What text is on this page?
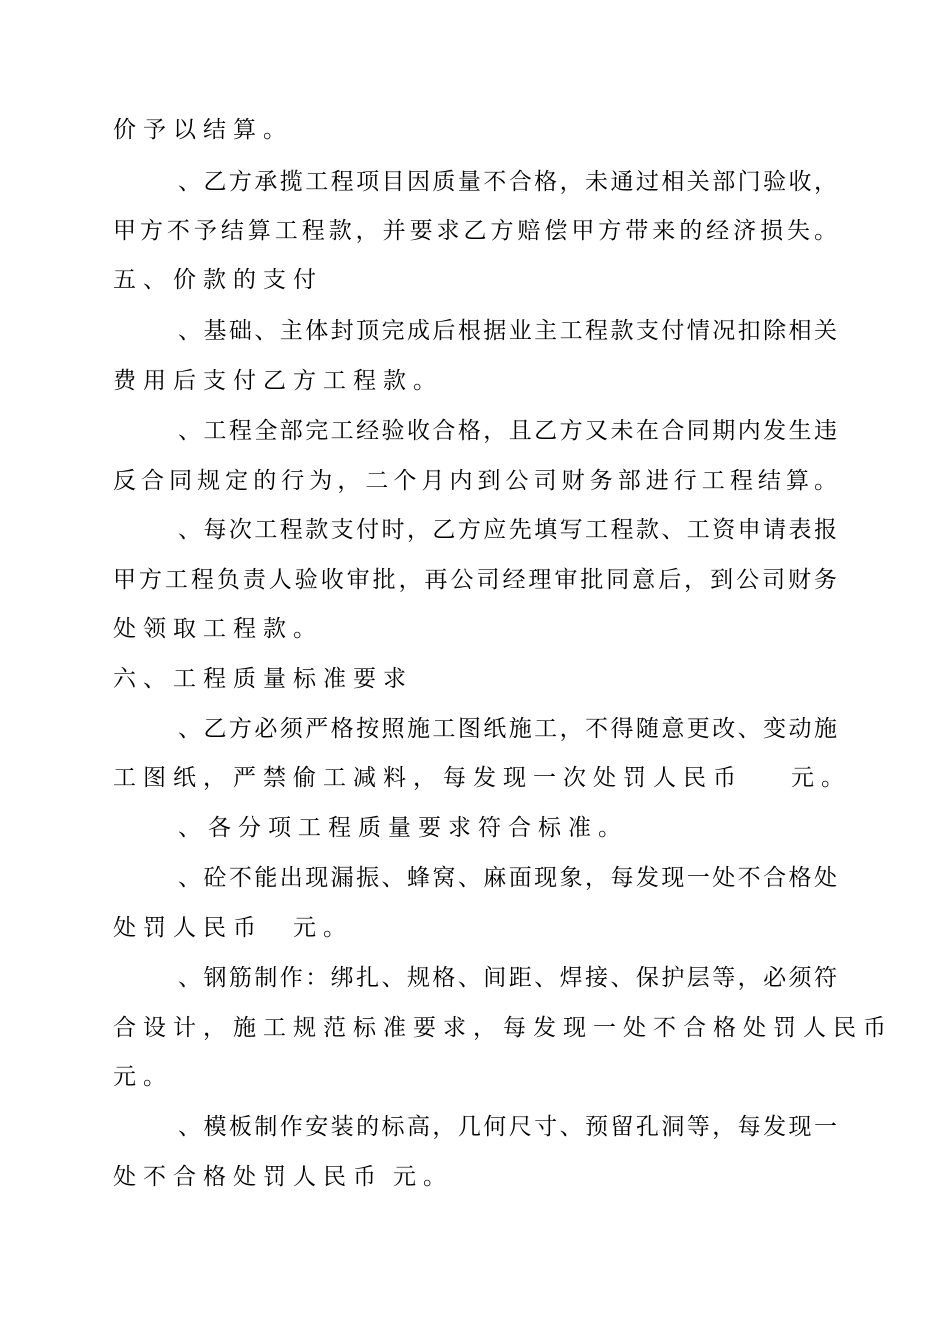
价予以结算。
、乙方承揽工程项目因质量不合格，未通过相关部门验收，
甲方不予结算工程款，并要求乙方赔偿甲方带来的经济损失。
五、价款的支付
、基础、主体封顶完成后根据业主工程款支付情况扣除相关
费用后支付乙方工程款。
、工程全部完工经验收合格，且乙方又未在合同期内发生违
反合同规定的行为，二个月内到公司财务部进行工程结算。
、每次工程款支付时，乙方应先填写工程款、工资申请表报
甲方工程负责人验收审批，再公司经理审批同意后，到公司财务
处领取工程款。
六、工程质量标准要求
、乙方必须严格按照施工图纸施工，不得随意更改、变动施
工图纸，严禁偷工减料，每发现一次处罚人民币 元。
、各分项工程质量要求符合标准。
、砼不能出现漏振、蜂窝、麻面现象，每发现一处不合格处
处罚人民币 元。
、钢筋制作：绑扎、规格、间距、焊接、保护层等，必须符
合设计，施工规范标准要求，每发现一处不合格处罚人民币
元。
、模板制作安装的标高，几何尺寸、预留孔洞等，每发现一
处不合格处罚人民币 元。
